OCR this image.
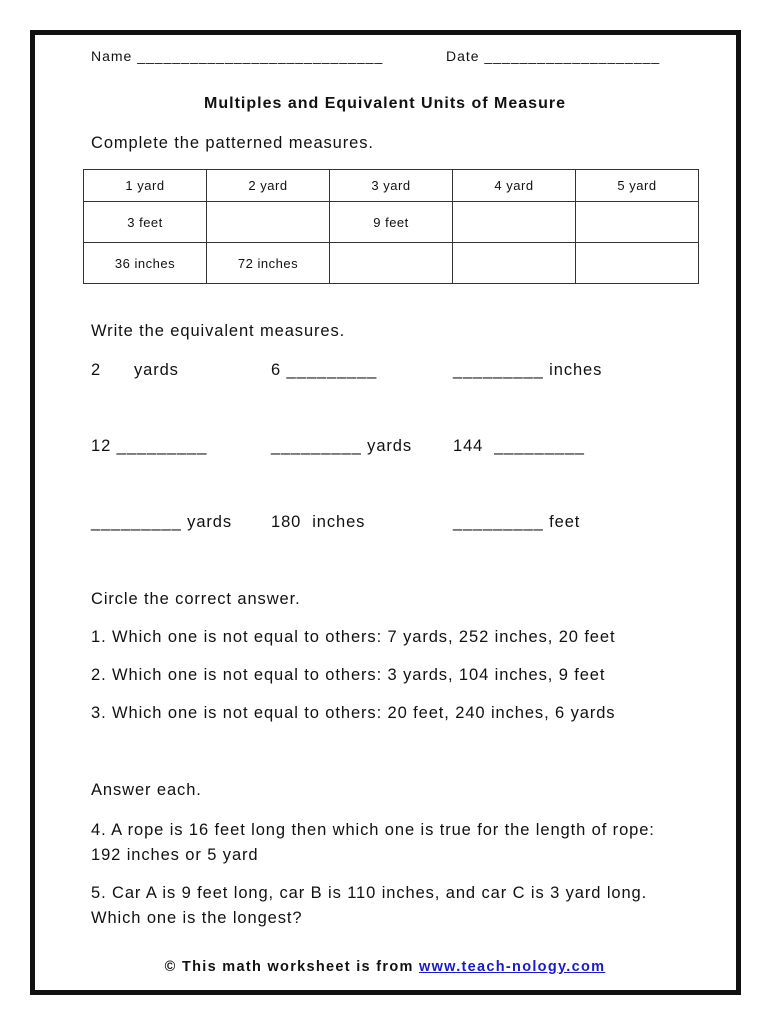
Name ____________________________	Date ____________________
Multiples and Equivalent Units of Measure
Complete the patterned measures.
1 yard	2 yard	3 yard	4 yard	5 yard
3 feet		9 feet		
36 inches	72 inches			
Write the equivalent measures.
2      yards	6 _________	_________ inches
12 _________	_________ yards 144  _________
_________ yards 180  inches	_________ feet
Circle the correct answer.
1. Which one is not equal to others: 7 yards, 252 inches, 20 feet
2. Which one is not equal to others: 3 yards, 104 inches, 9 feet
3. Which one is not equal to others: 20 feet, 240 inches, 6 yards
Answer each.
4. A rope is 16 feet long then which one is true for the length of rope: 192 inches or 5 yard
5. Car A is 9 feet long, car B is 110 inches, and car C is 3 yard long. Which one is the longest?
© This math worksheet is from www.teach-nology.com
